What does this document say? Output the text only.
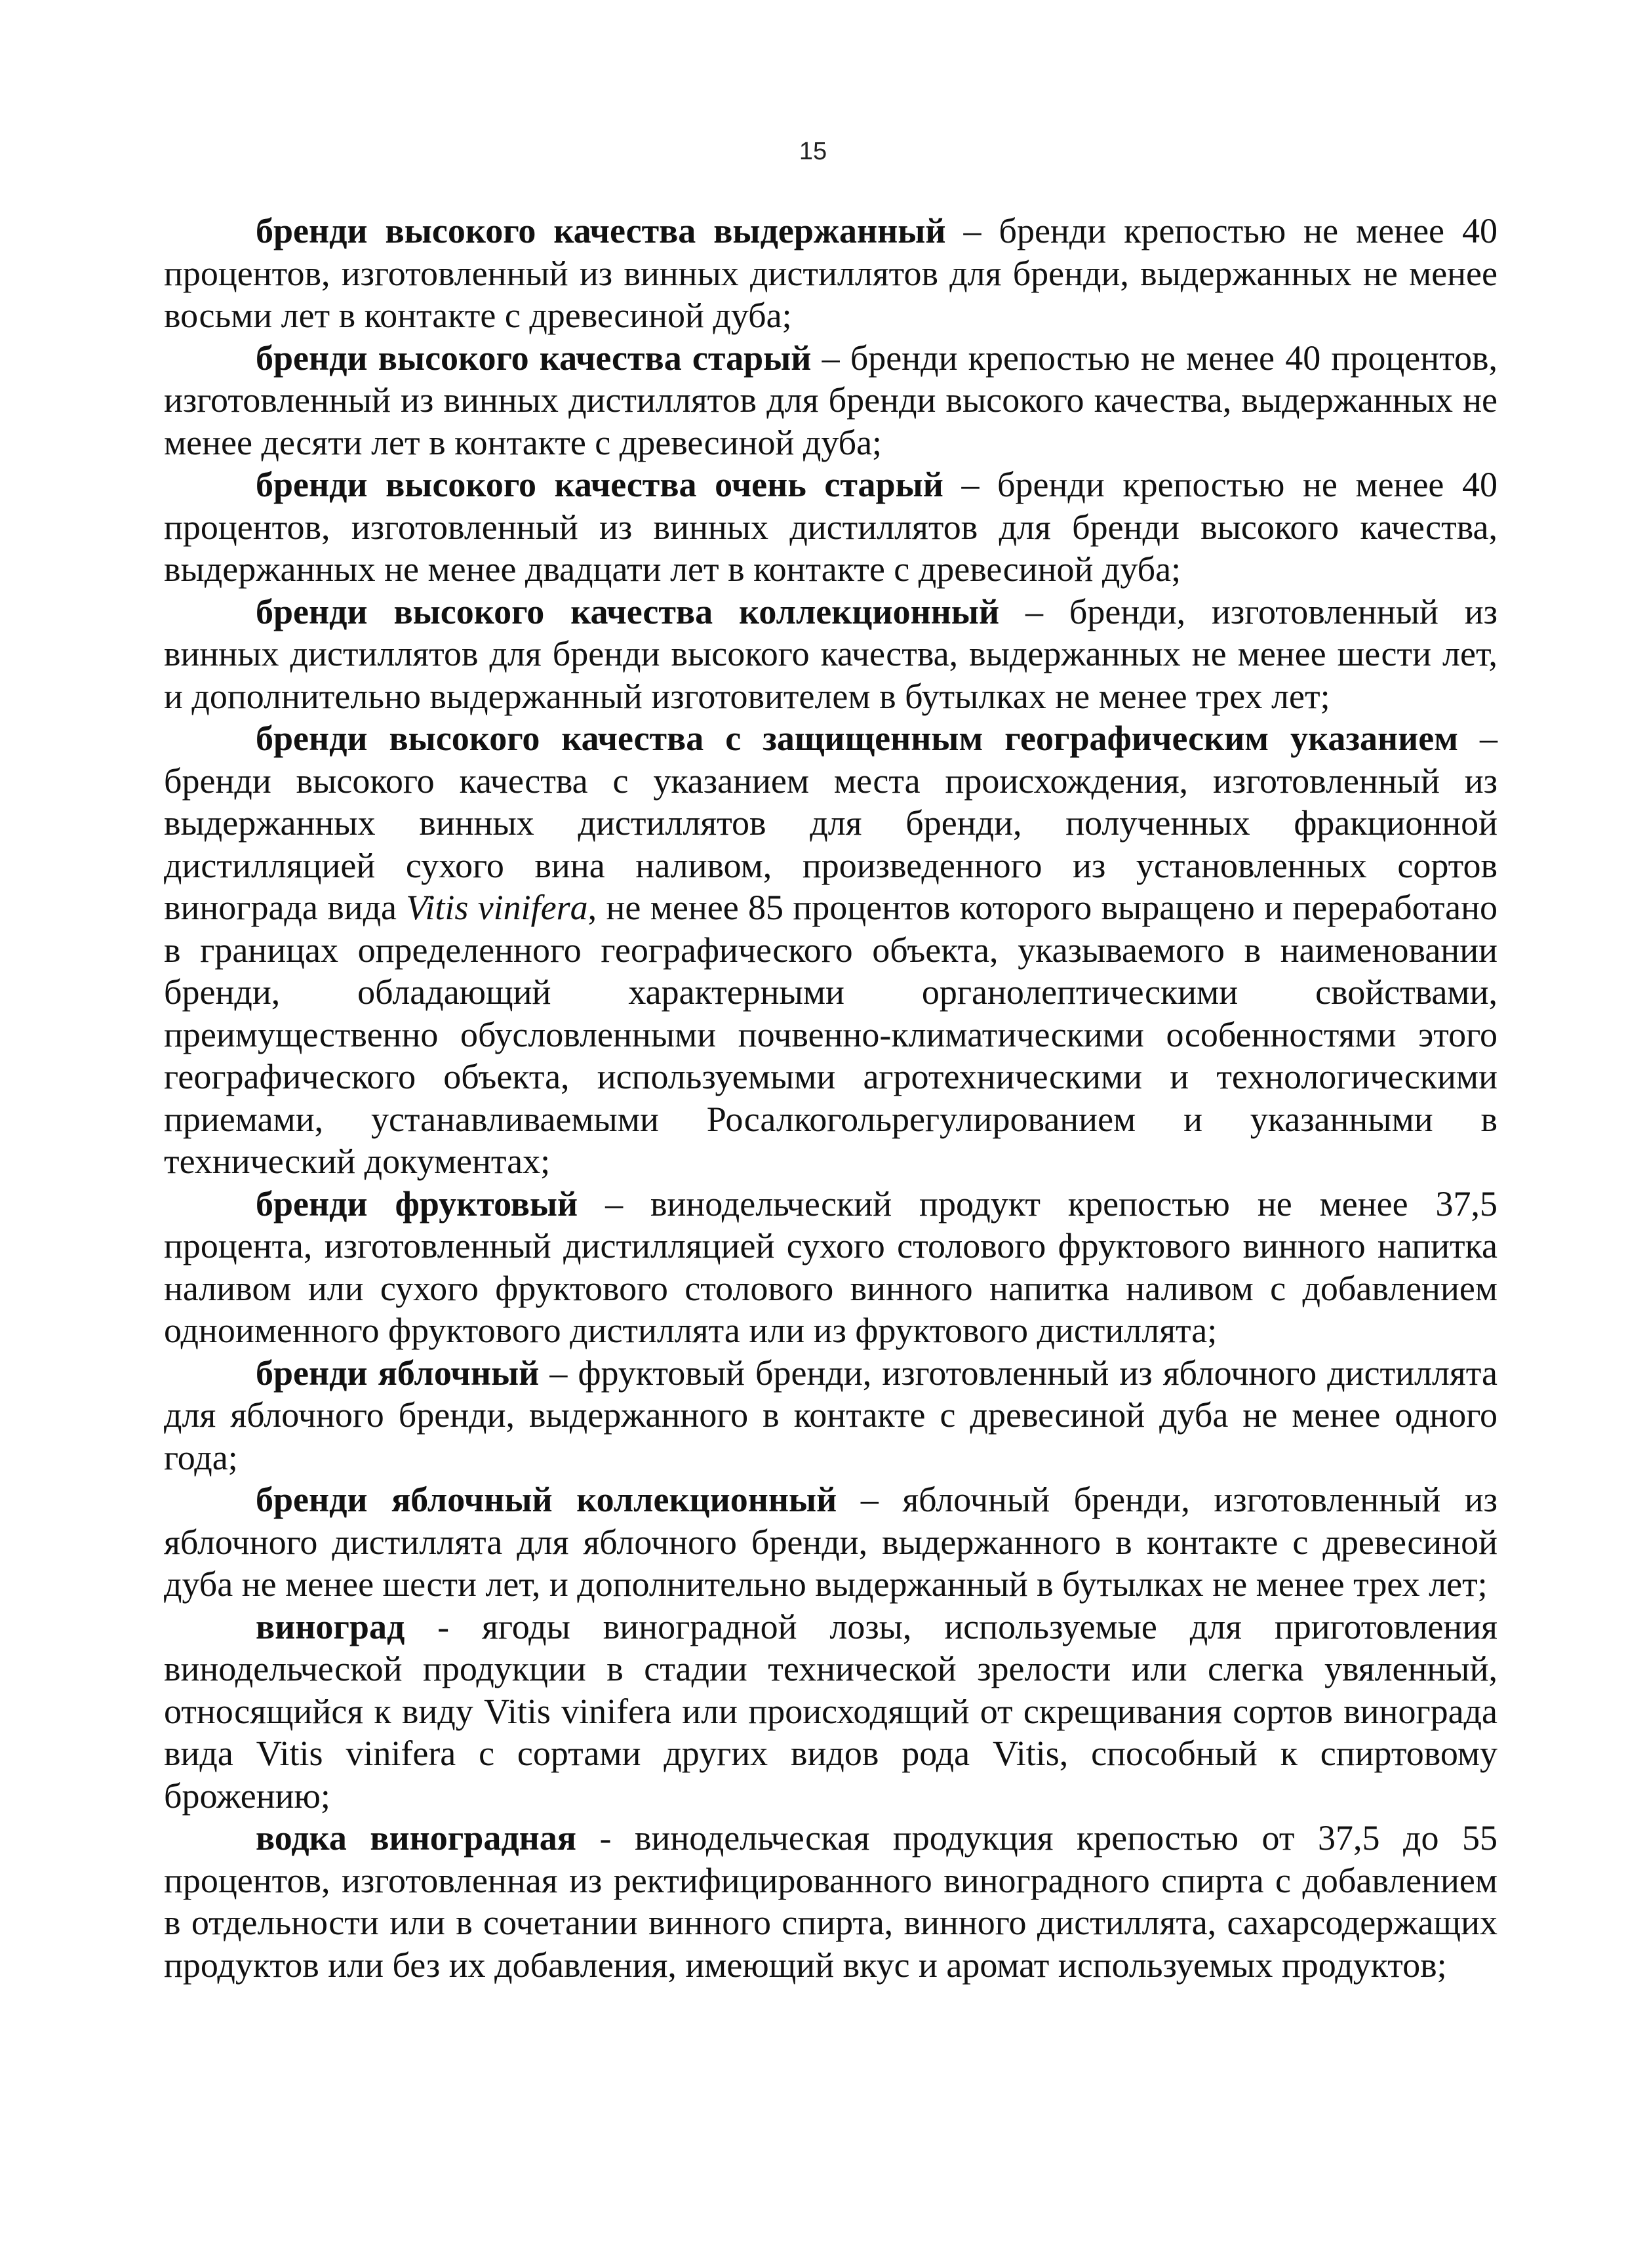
15

бренди высокого качества выдержанный – бренди крепостью не менее 40 процентов, изготовленный из винных дистиллятов для бренди, выдержанных не менее восьми лет в контакте с древесиной дуба;

бренди высокого качества старый – бренди крепостью не менее 40 процентов, изготовленный из винных дистиллятов для бренди высокого качества, выдержанных не менее десяти лет в контакте с древесиной дуба;

бренди высокого качества очень старый – бренди крепостью не менее 40 процентов, изготовленный из винных дистиллятов для бренди высокого качества, выдержанных не менее двадцати лет в контакте с древесиной дуба;

бренди высокого качества коллекционный – бренди, изготовленный из винных дистиллятов для бренди высокого качества, выдержанных не менее шести лет, и дополнительно выдержанный изготовителем в бутылках не менее трех лет;

бренди высокого качества с защищенным географическим указанием – бренди высокого качества с указанием места происхождения, изготовленный из выдержанных винных дистиллятов для бренди, полученных фракционной дистилляцией сухого вина наливом, произведенного из установленных сортов винограда вида Vitis vinifera, не менее 85 процентов которого выращено и переработано в границах определенного географического объекта, указываемого в наименовании бренди, обладающий характерными органолептическими свойствами, преимущественно обусловленными почвенно-климатическими особенностями этого географического объекта, используемыми агротехническими и технологическими приемами, устанавливаемыми Росалкогольрегулированием и указанными в технический документах;

бренди фруктовый – винодельческий продукт крепостью не менее 37,5 процента, изготовленный дистилляцией сухого столового фруктового винного напитка наливом или сухого фруктового столового винного напитка наливом с добавлением одноименного фруктового дистиллята или из фруктового дистиллята;

бренди яблочный – фруктовый бренди, изготовленный из яблочного дистиллята для яблочного бренди, выдержанного в контакте с древесиной дуба не менее одного года;

бренди яблочный коллекционный – яблочный бренди, изготовленный из яблочного дистиллята для яблочного бренди, выдержанного в контакте с древесиной дуба не менее шести лет, и дополнительно выдержанный в бутылках не менее трех лет;

виноград - ягоды виноградной лозы, используемые для приготовления винодельческой продукции в стадии технической зрелости или слегка увяленный, относящийся к виду Vitis vinifera или происходящий от скрещивания сортов винограда вида Vitis vinifera с сортами других видов рода Vitis, способный к спиртовому брожению;

водка виноградная - винодельческая продукция крепостью от 37,5 до 55 процентов, изготовленная из ректифицированного виноградного спирта с добавлением в отдельности или в сочетании винного спирта, винного дистиллята, сахарсодержащих продуктов или без их добавления, имеющий вкус и аромат используемых продуктов;
